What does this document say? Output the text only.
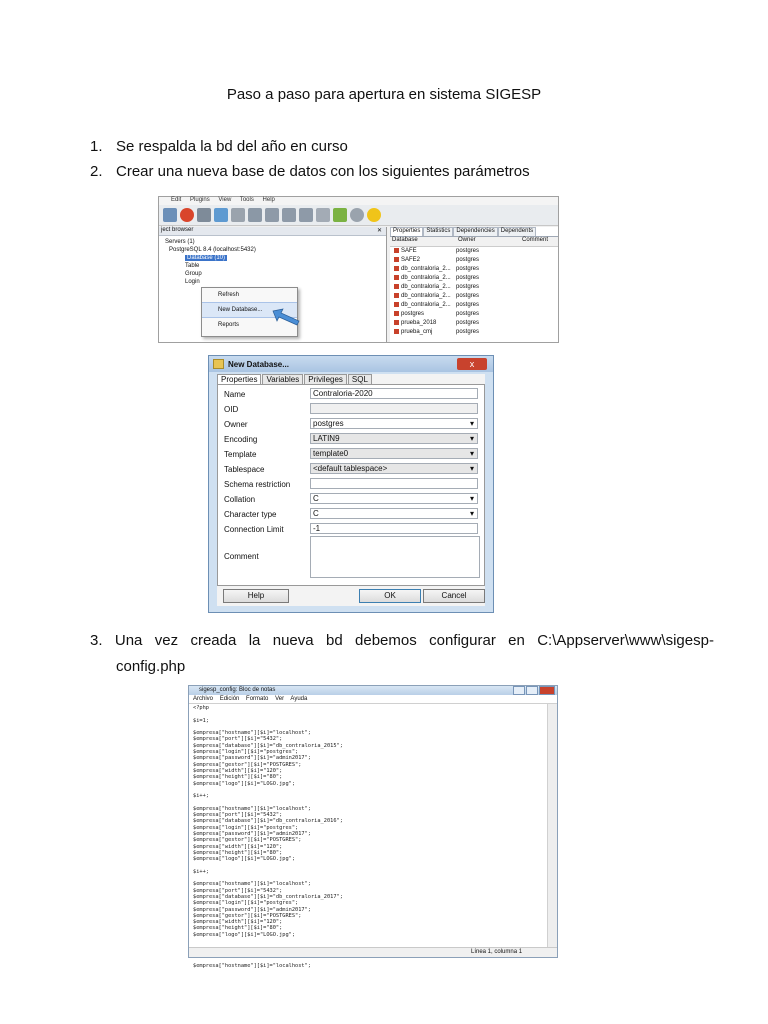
Paso a paso para apertura en sistema SIGESP
1. Se respalda la bd del año en curso
2. Crear una nueva base de datos con los siguientes parámetros
Edit Plugins View Tools Help
ject browser	✕
Servers (1)
PostgreSQL 8.4 (localhost:5432)
Database (10)
Table
Group
Login
Refresh
New Database...
Reports
Properties	Statistics	Dependencies	Dependents
Database	Owner	Comment
SAFE	postgres
SAFE2	postgres
db_contraloria_2... postgres
db_contraloria_2... postgres
db_contraloria_2... postgres
db_contraloria_2... postgres
db_contraloria_2... postgres
postgres	postgres
prueba_2018	postgres
prueba_cmj	postgres
New Database...	x
Properties	Variables	Privileges	SQL
Name	Contraloria-2020
OID
Owner	postgres ▾
Encoding	LATIN9 ▾
Template	template0 ▾
Tablespace	<default tablespace> ▾
Schema restriction
Collation	C ▾
Character type	C ▾
Connection Limit	-1
Comment
Help	OK	Cancel
3. Una vez creada la nueva bd debemos configurar en C:\Appserver\www\sigesp-
config.php
sigesp_config: Bloc de notas
Archivo Edición Formato Ver Ayuda
<?php
$i=1;
$empresa["hostname"][$i]="localhost";
$empresa["port"][$i]="5432";
$empresa["database"][$i]="db_contraloria_2015";
$empresa["login"][$i]="postgres";
$empresa["password"][$i]="admin2017";
$empresa["gestor"][$i]="POSTGRES";
$empresa["width"][$i]="120";
$empresa["height"][$i]="80";
$empresa["logo"][$i]="LOGO.jpg";
$i++;
$empresa["hostname"][$i]="localhost";
$empresa["port"][$i]="5432";
$empresa["database"][$i]="db_contraloria_2016";
$empresa["login"][$i]="postgres";
$empresa["password"][$i]="admin2017";
$empresa["gestor"][$i]="POSTGRES";
$empresa["width"][$i]="120";
$empresa["height"][$i]="80";
$empresa["logo"][$i]="LOGO.jpg";
$i++;
$empresa["hostname"][$i]="localhost";
$empresa["port"][$i]="5432";
$empresa["database"][$i]="db_contraloria_2017";
$empresa["login"][$i]="postgres";
$empresa["password"][$i]="admin2017";
$empresa["gestor"][$i]="POSTGRES";
$empresa["width"][$i]="120";
$empresa["height"][$i]="80";
$empresa["logo"][$i]="LOGO.jpg";
$empresa["hostname"][$i]="localhost";
Línea 1, columna 1
